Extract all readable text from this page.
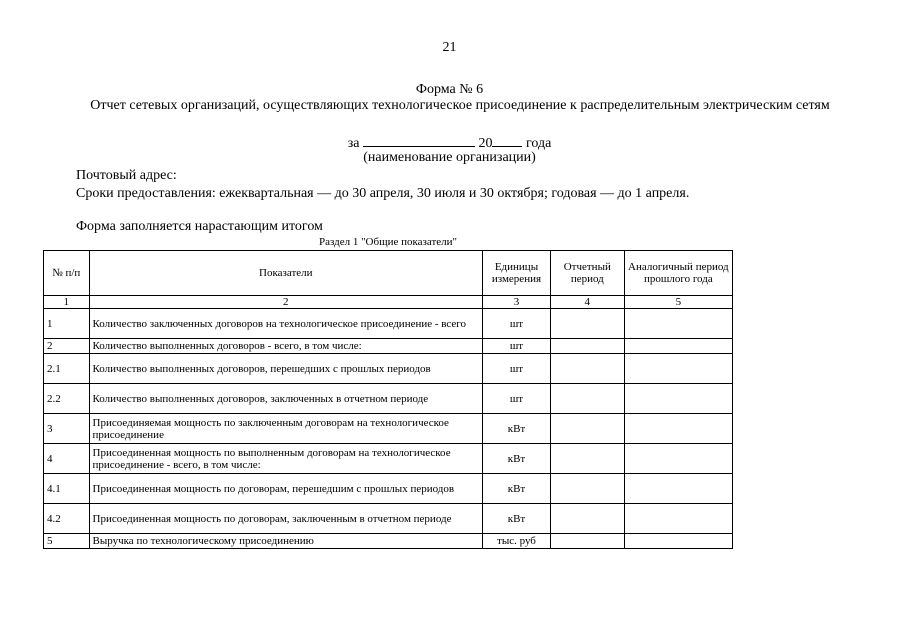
21
Форма № 6
Отчет сетевых организаций, осуществляющих технологическое присоединение к распределительным электрическим сетям
за	20 года
(наименование организации)
Почтовый адрес:
Сроки предоставления: ежеквартальная — до 30 апреля, 30 июля и 30 октября; годовая — до 1 апреля.
Форма заполняется нарастающим итогом
Раздел 1 "Общие показатели"
№ п/п	Показатели	Единицы измерения	Отчетный период	Аналогичный период прошлого года
1	2	3	4	5
1	Количество заключенных договоров на технологическое присоединение - всего	шт		
2	Количество выполненных договоров - всего, в том числе:	шт		
2.1	Количество выполненных договоров, перешедших с прошлых периодов	шт		
2.2	Количество выполненных договоров, заключенных в отчетном периоде	шт		
3	Присоединяемая мощность по заключенным договорам на технологическое присоединение	кВт		
4	Присоединенная мощность по выполненным договорам на технологическое присоединение - всего, в том числе:	кВт		
4.1	Присоединенная мощность по договорам, перешедшим с прошлых периодов	кВт		
4.2	Присоединенная мощность по договорам, заключенным в отчетном периоде	кВт		
5	Выручка по технологическому присоединению	тыс. руб		
